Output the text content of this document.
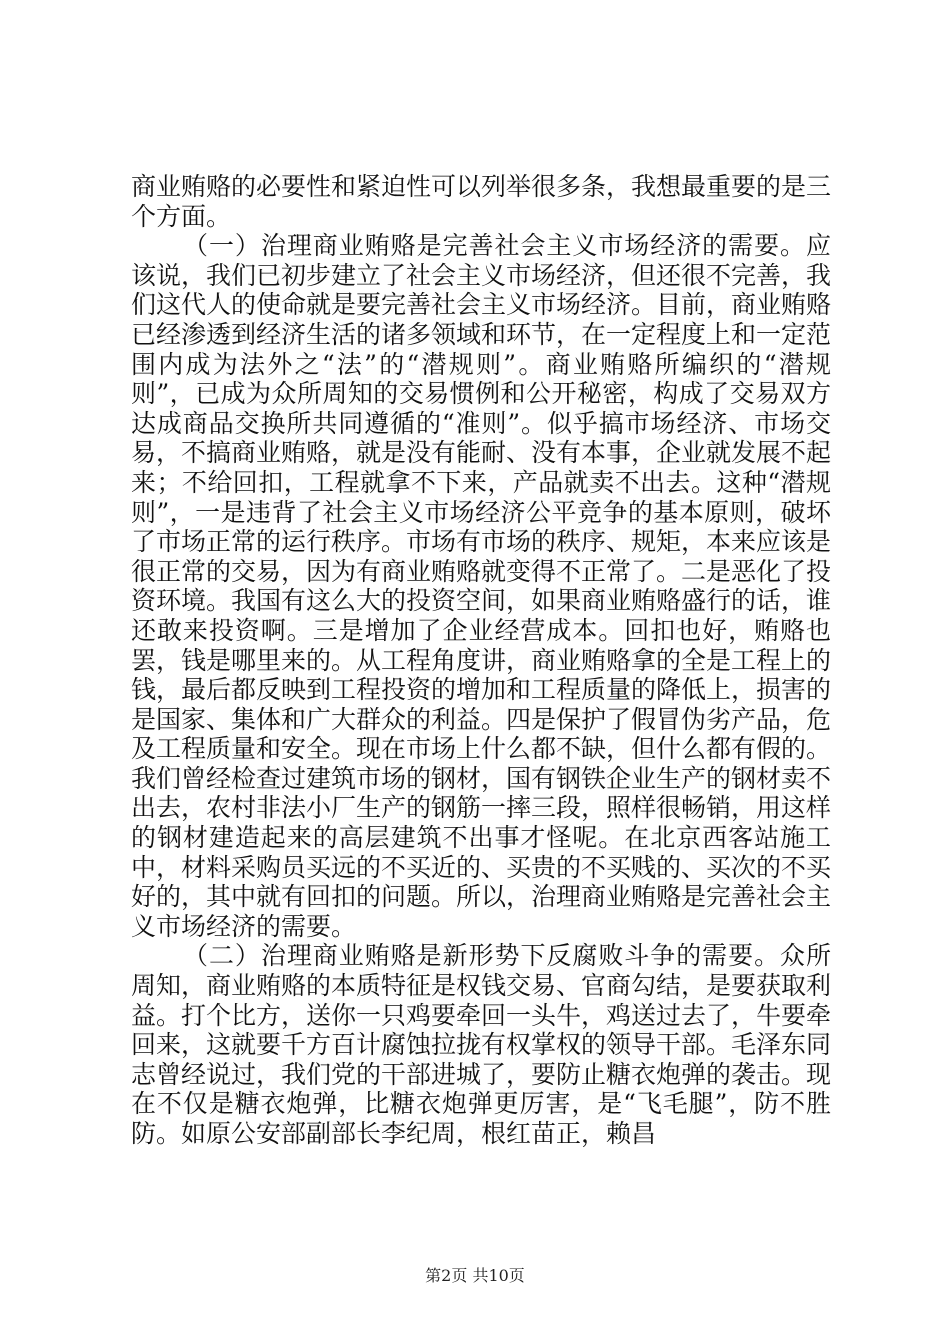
商业贿赂的必要性和紧迫性可以列举很多条，我想最重要的是三个方面。

（一）治理商业贿赂是完善社会主义市场经济的需要。应该说，我们已初步建立了社会主义市场经济，但还很不完善，我们这代人的使命就是要完善社会主义市场经济。目前，商业贿赂已经渗透到经济生活的诸多领域和环节，在一定程度上和一定范围内成为法外之“法”的“潜规则”。商业贿赂所编织的“潜规则”，已成为众所周知的交易惯例和公开秘密，构成了交易双方达成商品交换所共同遵循的“准则”。似乎搞市场经济、市场交易，不搞商业贿赂，就是没有能耐、没有本事，企业就发展不起来；不给回扣，工程就拿不下来，产品就卖不出去。这种“潜规则”，一是违背了社会主义市场经济公平竞争的基本原则，破坏了市场正常的运行秩序。市场有市场的秩序、规矩，本来应该是很正常的交易，因为有商业贿赂就变得不正常了。二是恶化了投资环境。我国有这么大的投资空间，如果商业贿赂盛行的话，谁还敢来投资啊。三是增加了企业经营成本。回扣也好，贿赂也罢，钱是哪里来的。从工程角度讲，商业贿赂拿的全是工程上的钱，最后都反映到工程投资的增加和工程质量的降低上，损害的是国家、集体和广大群众的利益。四是保护了假冒伪劣产品，危及工程质量和安全。现在市场上什么都不缺，但什么都有假的。我们曾经检查过建筑市场的钢材，国有钢铁企业生产的钢材卖不出去，农村非法小厂生产的钢筋一摔三段，照样很畅销，用这样的钢材建造起来的高层建筑不出事才怪呢。在北京西客站施工中，材料采购员买远的不买近的、买贵的不买贱的、买次的不买好的，其中就有回扣的问题。所以，治理商业贿赂是完善社会主义市场经济的需要。

（二）治理商业贿赂是新形势下反腐败斗争的需要。众所周知，商业贿赂的本质特征是权钱交易、官商勾结，是要获取利益。打个比方，送你一只鸡要牵回一头牛，鸡送过去了，牛要牵回来，这就要千方百计腐蚀拉拢有权掌权的领导干部。毛泽东同志曾经说过，我们党的干部进城了，要防止糖衣炮弹的袭击。现在不仅是糖衣炮弹，比糖衣炮弹更厉害，是“飞毛腿”，防不胜防。如原公安部副部长李纪周，根红苗正，赖昌

第2页 共10页
